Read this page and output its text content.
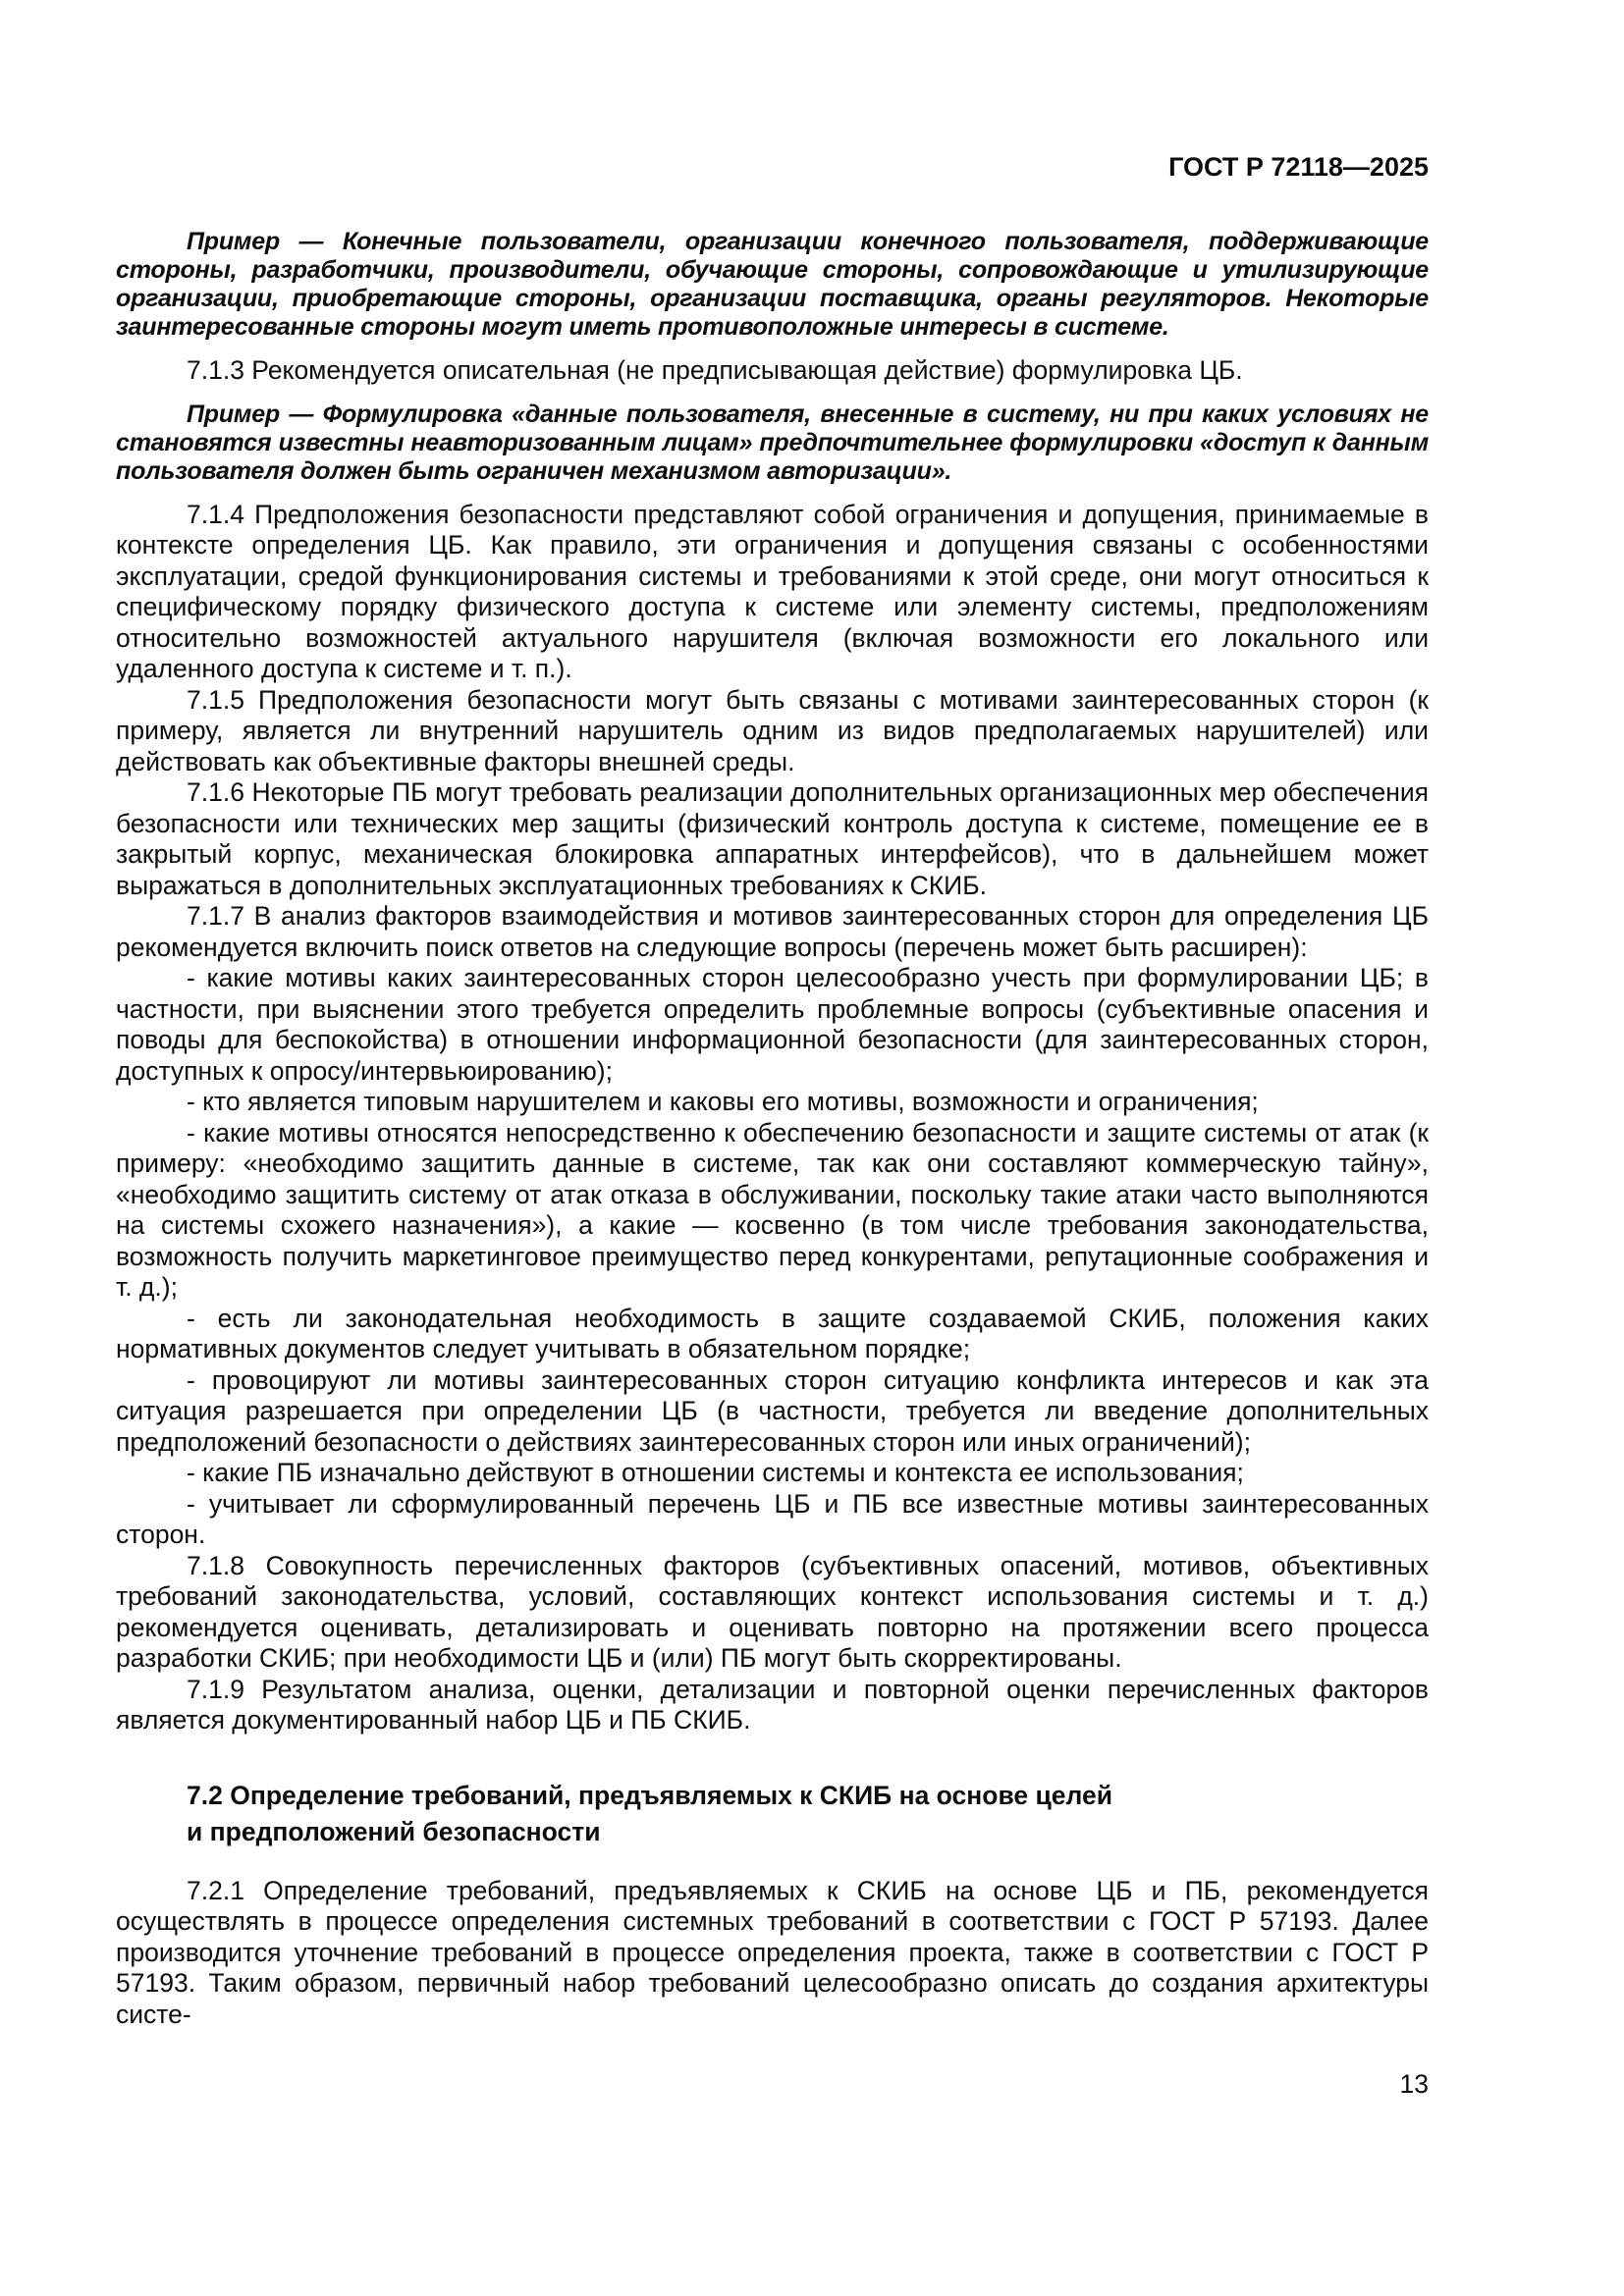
ГОСТ Р 72118—2025

Пример — Конечные пользователи, организации конечного пользователя, поддерживающие стороны, разработчики, производители, обучающие стороны, сопровождающие и утилизирующие организации, приобретающие стороны, организации поставщика, органы регуляторов. Некоторые заинтересованные стороны могут иметь противоположные интересы в системе.

7.1.3 Рекомендуется описательная (не предписывающая действие) формулировка ЦБ.

Пример — Формулировка «данные пользователя, внесенные в систему, ни при каких условиях не становятся известны неавторизованным лицам» предпочтительнее формулировки «доступ к данным пользователя должен быть ограничен механизмом авторизации».

7.1.4 Предположения безопасности представляют собой ограничения и допущения, принимаемые в контексте определения ЦБ. Как правило, эти ограничения и допущения связаны с особенностями эксплуатации, средой функционирования системы и требованиями к этой среде, они могут относиться к специфическому порядку физического доступа к системе или элементу системы, предположениям относительно возможностей актуального нарушителя (включая возможности его локального или удаленного доступа к системе и т. п.).

7.1.5 Предположения безопасности могут быть связаны с мотивами заинтересованных сторон (к примеру, является ли внутренний нарушитель одним из видов предполагаемых нарушителей) или действовать как объективные факторы внешней среды.

7.1.6 Некоторые ПБ могут требовать реализации дополнительных организационных мер обеспечения безопасности или технических мер защиты (физический контроль доступа к системе, помещение ее в закрытый корпус, механическая блокировка аппаратных интерфейсов), что в дальнейшем может выражаться в дополнительных эксплуатационных требованиях к СКИБ.

7.1.7 В анализ факторов взаимодействия и мотивов заинтересованных сторон для определения ЦБ рекомендуется включить поиск ответов на следующие вопросы (перечень может быть расширен):

- какие мотивы каких заинтересованных сторон целесообразно учесть при формулировании ЦБ; в частности, при выяснении этого требуется определить проблемные вопросы (субъективные опасения и поводы для беспокойства) в отношении информационной безопасности (для заинтересованных сторон, доступных к опросу/интервьюированию);

- кто является типовым нарушителем и каковы его мотивы, возможности и ограничения;

- какие мотивы относятся непосредственно к обеспечению безопасности и защите системы от атак (к примеру: «необходимо защитить данные в системе, так как они составляют коммерческую тайну», «необходимо защитить систему от атак отказа в обслуживании, поскольку такие атаки часто выполняются на системы схожего назначения»), а какие — косвенно (в том числе требования законодательства, возможность получить маркетинговое преимущество перед конкурентами, репутационные соображения и т. д.);

- есть ли законодательная необходимость в защите создаваемой СКИБ, положения каких нормативных документов следует учитывать в обязательном порядке;

- провоцируют ли мотивы заинтересованных сторон ситуацию конфликта интересов и как эта ситуация разрешается при определении ЦБ (в частности, требуется ли введение дополнительных предположений безопасности о действиях заинтересованных сторон или иных ограничений);

- какие ПБ изначально действуют в отношении системы и контекста ее использования;

- учитывает ли сформулированный перечень ЦБ и ПБ все известные мотивы заинтересованных сторон.

7.1.8 Совокупность перечисленных факторов (субъективных опасений, мотивов, объективных требований законодательства, условий, составляющих контекст использования системы и т. д.) рекомендуется оценивать, детализировать и оценивать повторно на протяжении всего процесса разработки СКИБ; при необходимости ЦБ и (или) ПБ могут быть скорректированы.

7.1.9 Результатом анализа, оценки, детализации и повторной оценки перечисленных факторов является документированный набор ЦБ и ПБ СКИБ.

7.2 Определение требований, предъявляемых к СКИБ на основе целей
и предположений безопасности

7.2.1 Определение требований, предъявляемых к СКИБ на основе ЦБ и ПБ, рекомендуется осуществлять в процессе определения системных требований в соответствии с ГОСТ Р 57193. Далее производится уточнение требований в процессе определения проекта, также в соответствии с ГОСТ Р 57193. Таким образом, первичный набор требований целесообразно описать до создания архитектуры систе-

13
